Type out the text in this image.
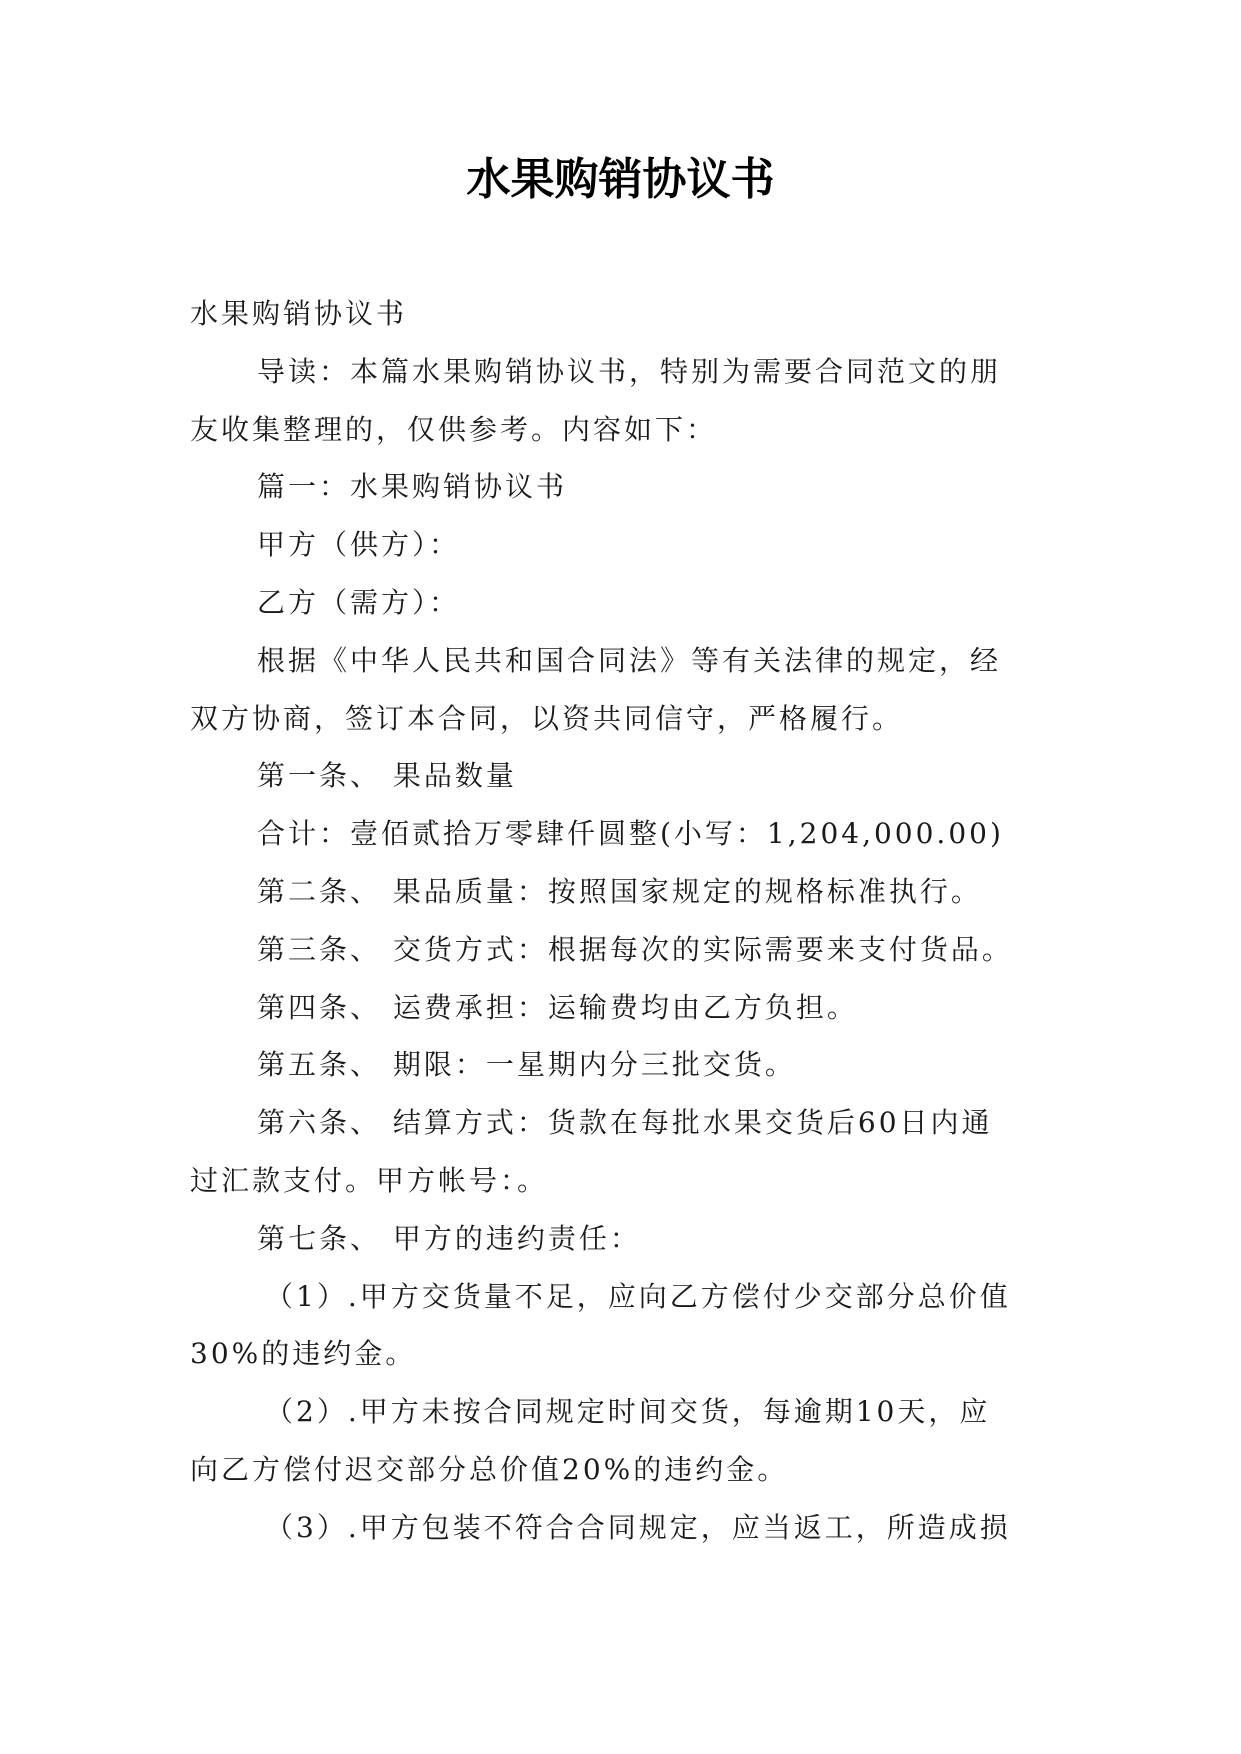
水果购销协议书

水果购销协议书

导读：本篇水果购销协议书，特别为需要合同范文的朋

友收集整理的，仅供参考。内容如下：

篇一：水果购销协议书

甲方（供方）：

乙方（需方）：

根据《中华人民共和国合同法》等有关法律的规定，经

双方协商，签订本合同，以资共同信守，严格履行。

第一条、 果品数量

合计：壹佰贰拾万零肆仟圆整(小写：1,204,000.00)

第二条、 果品质量：按照国家规定的规格标准执行。

第三条、 交货方式：根据每次的实际需要来支付货品。

第四条、 运费承担：运输费均由乙方负担。

第五条、 期限：一星期内分三批交货。

第六条、 结算方式：货款在每批水果交货后60日内通

过汇款支付。甲方帐号：。

第七条、 甲方的违约责任：

（1）.甲方交货量不足，应向乙方偿付少交部分总价值

30%的违约金。

（2）.甲方未按合同规定时间交货，每逾期10天，应

向乙方偿付迟交部分总价值20%的违约金。

（3）.甲方包装不符合合同规定，应当返工，所造成损
